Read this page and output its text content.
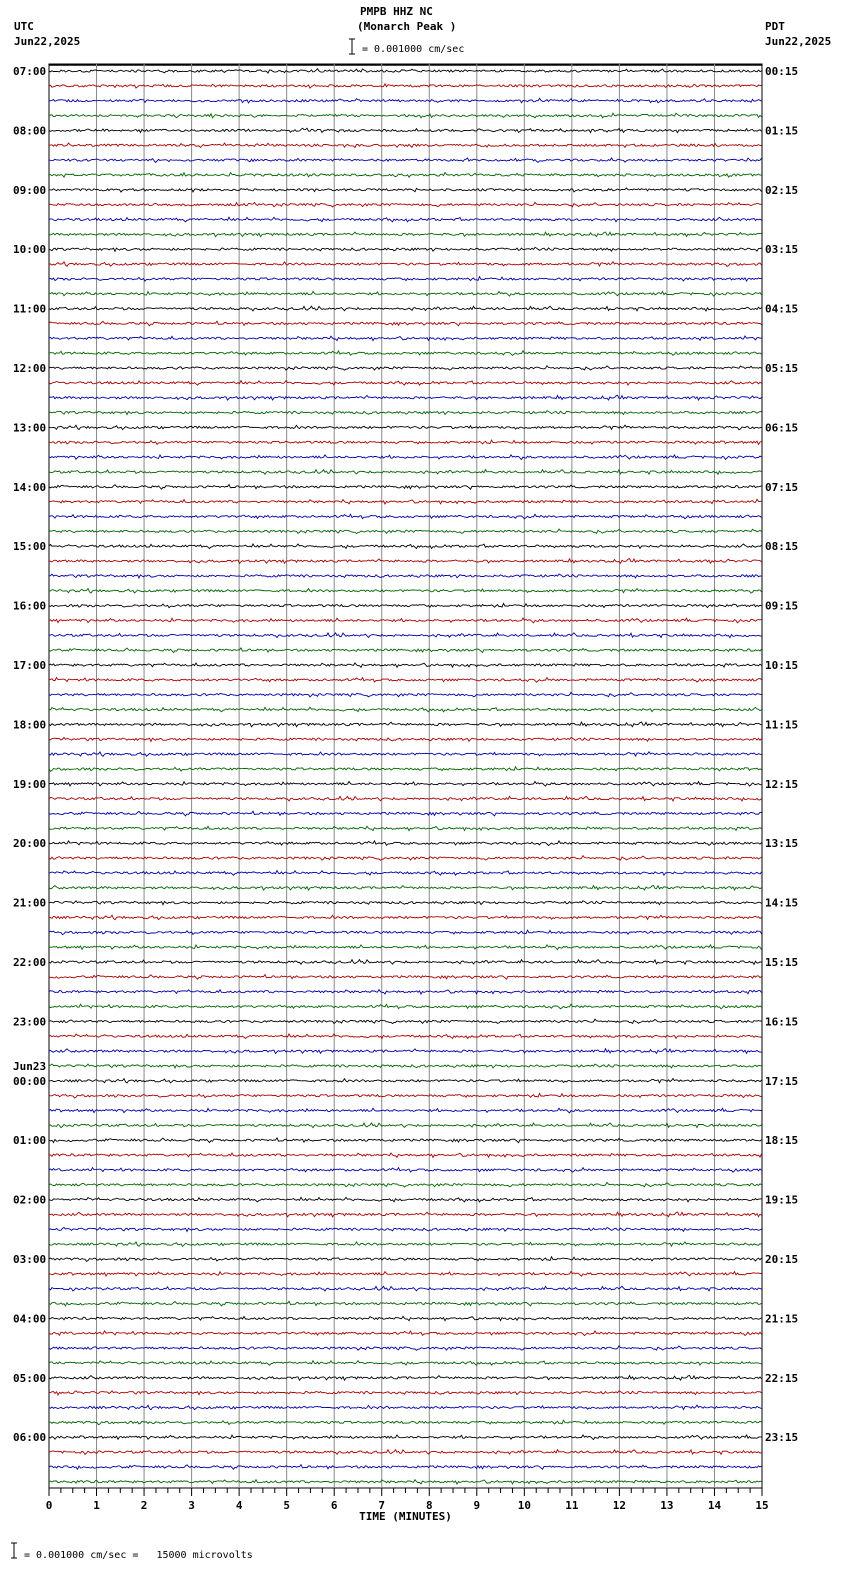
PMPB HHZ NC
(Monarch Peak )
UTC
Jun22,2025
PDT
Jun22,2025
= 0.001000 cm/sec
07:00
08:00
09:00
10:00
11:00
12:00
13:00
14:00
15:00
16:00
17:00
18:00
19:00
20:00
21:00
22:00
23:00
00:00
01:00
02:00
03:00
04:00
05:00
06:00
00:15
01:15
02:15
03:15
04:15
05:15
06:15
07:15
08:15
09:15
10:15
11:15
12:15
13:15
14:15
15:15
16:15
17:15
18:15
19:15
20:15
21:15
22:15
23:15
Jun23
0	1	2	3	4	5	6	7	8	9	10	11	12	13	14	15
TIME (MINUTES)
= 0.001000 cm/sec =   15000 microvolts
